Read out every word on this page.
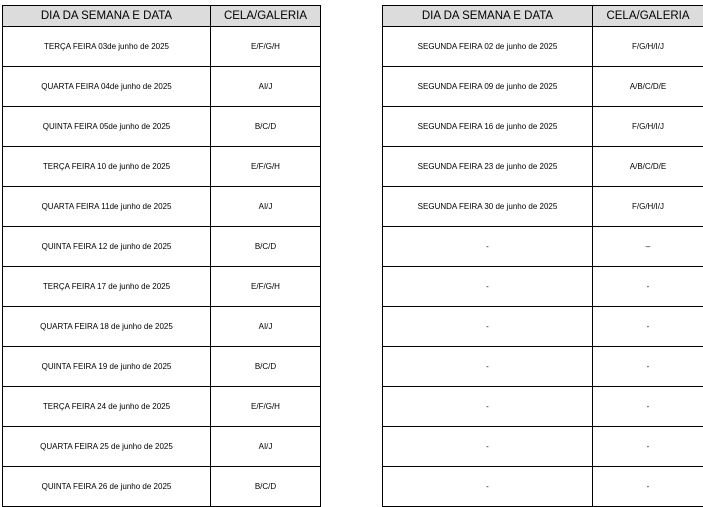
DIA DA SEMANA E DATA	CELA/GALERIA
TERÇA FEIRA 03de junho de 2025	E/F/G/H
QUARTA FEIRA 04de junho de 2025	AI/J
QUINTA FEIRA 05de junho de 2025	B/C/D
TERÇA FEIRA 10 de junho de 2025	E/F/G/H
QUARTA FEIRA 11de junho de 2025	AI/J
QUINTA FEIRA 12 de junho de 2025	B/C/D
TERÇA FEIRA 17 de junho de 2025	E/F/G/H
QUARTA FEIRA 18 de junho de 2025	AI/J
QUINTA FEIRA 19 de junho de 2025	B/C/D
TERÇA FEIRA 24 de junho de 2025	E/F/G/H
QUARTA FEIRA 25 de junho de 2025	AI/J
QUINTA FEIRA 26 de junho de 2025	B/C/D
DIA DA SEMANA E DATA	CELA/GALERIA
SEGUNDA FEIRA 02 de junho de 2025	F/G/H/I/J
SEGUNDA FEIRA 09 de junho de 2025	A/B/C/D/E
SEGUNDA FEIRA 16 de junho de 2025	F/G/H/I/J
SEGUNDA FEIRA 23 de junho de 2025	A/B/C/D/E
SEGUNDA FEIRA 30 de junho de 2025	F/G/H/I/J
-	–
-	-
-	-
-	-
-	-
-	-
-	-
